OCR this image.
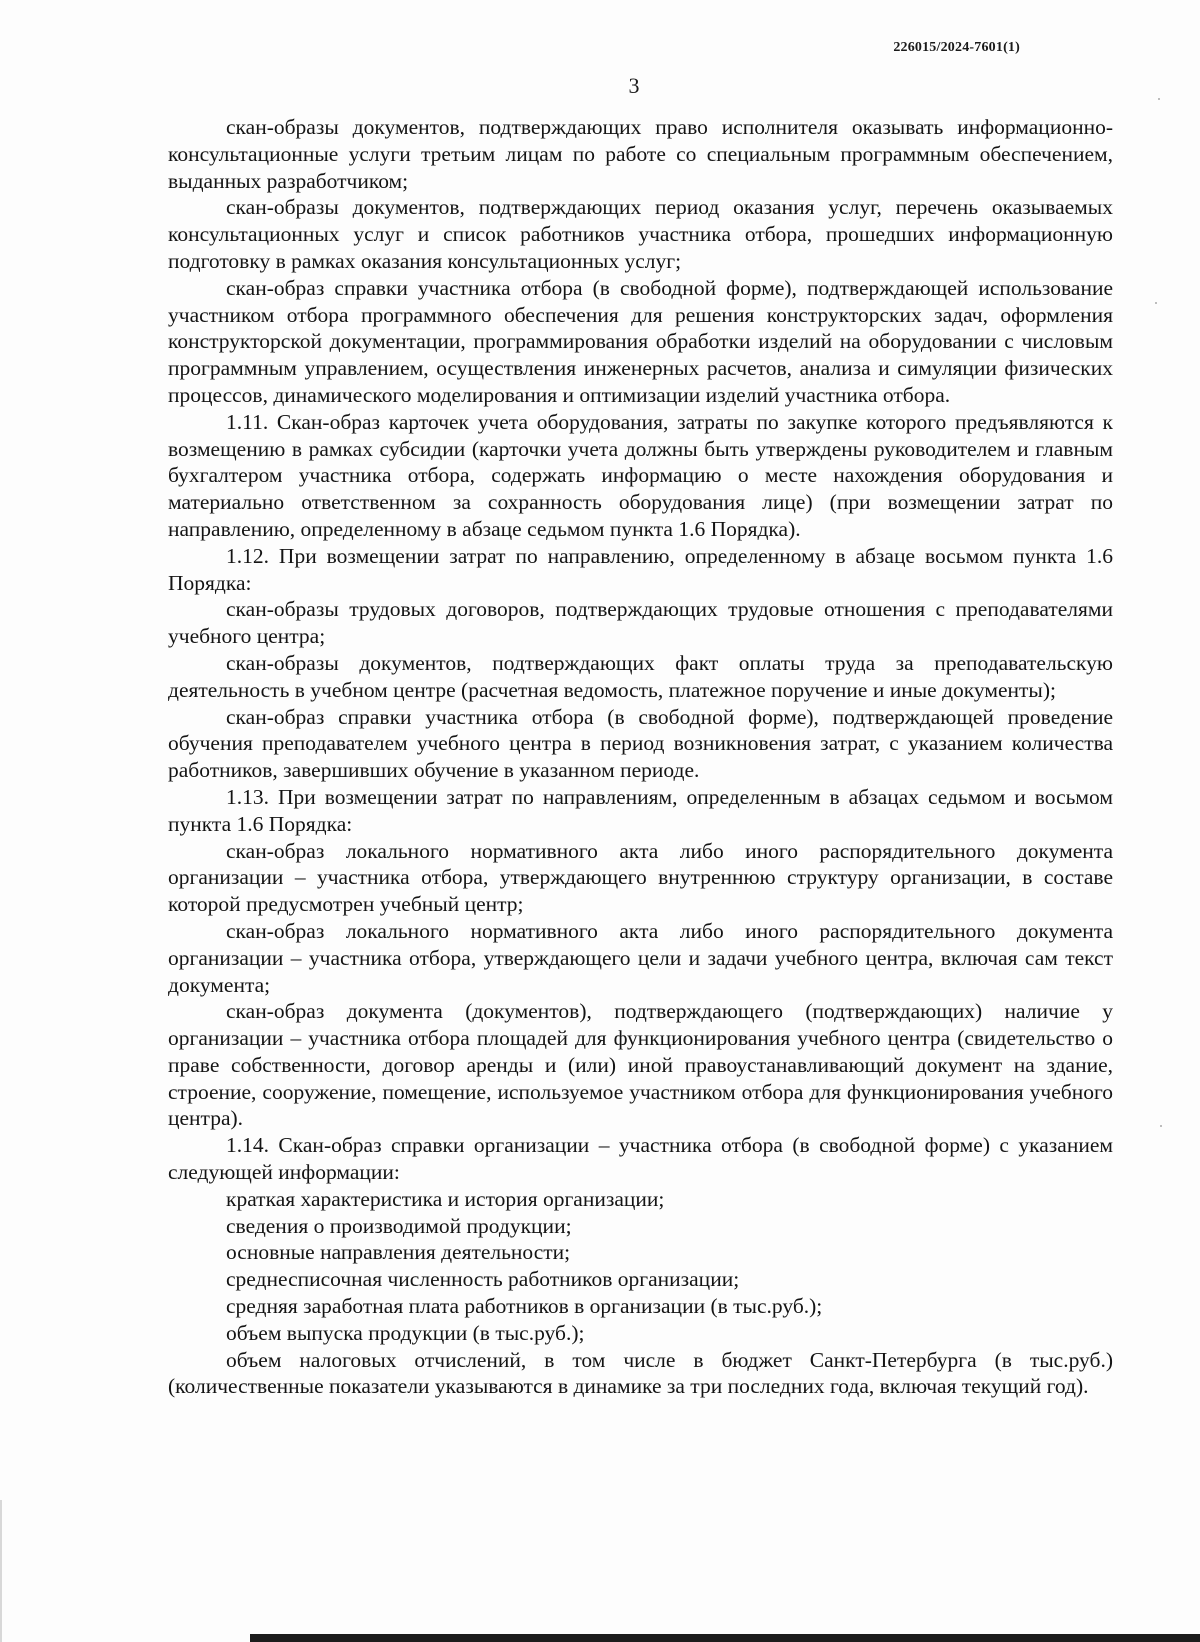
226015/2024-7601(1)
3

скан-образы документов, подтверждающих право исполнителя оказывать информационно-консультационные услуги третьим лицам по работе со специальным программным обеспечением, выданных разработчиком;

скан-образы документов, подтверждающих период оказания услуг, перечень оказываемых консультационных услуг и список работников участника отбора, прошедших информационную подготовку в рамках оказания консультационных услуг;

скан-образ справки участника отбора (в свободной форме), подтверждающей использование участником отбора программного обеспечения для решения конструкторских задач, оформления конструкторской документации, программирования обработки изделий на оборудовании с числовым программным управлением, осуществления инженерных расчетов, анализа и симуляции физических процессов, динамического моделирования и оптимизации изделий участника отбора.

1.11. Скан-образ карточек учета оборудования, затраты по закупке которого предъявляются к возмещению в рамках субсидии (карточки учета должны быть утверждены руководителем и главным бухгалтером участника отбора, содержать информацию о месте нахождения оборудования и материально ответственном за сохранность оборудования лице) (при возмещении затрат по направлению, определенному в абзаце седьмом пункта 1.6 Порядка).

1.12. При возмещении затрат по направлению, определенному в абзаце восьмом пункта 1.6 Порядка:

скан-образы трудовых договоров, подтверждающих трудовые отношения с преподавателями учебного центра;

скан-образы документов, подтверждающих факт оплаты труда за преподавательскую деятельность в учебном центре (расчетная ведомость, платежное поручение и иные документы);

скан-образ справки участника отбора (в свободной форме), подтверждающей проведение обучения преподавателем учебного центра в период возникновения затрат, с указанием количества работников, завершивших обучение в указанном периоде.

1.13. При возмещении затрат по направлениям, определенным в абзацах седьмом и восьмом пункта 1.6 Порядка:

скан-образ локального нормативного акта либо иного распорядительного документа организации – участника отбора, утверждающего внутреннюю структуру организации, в составе которой предусмотрен учебный центр;

скан-образ локального нормативного акта либо иного распорядительного документа организации – участника отбора, утверждающего цели и задачи учебного центра, включая сам текст документа;

скан-образ документа (документов), подтверждающего (подтверждающих) наличие у организации – участника отбора площадей для функционирования учебного центра (свидетельство о праве собственности, договор аренды и (или) иной правоустанавливающий документ на здание, строение, сооружение, помещение, используемое участником отбора для функционирования учебного центра).

1.14. Скан-образ справки организации – участника отбора (в свободной форме) с указанием следующей информации:

краткая характеристика и история организации;

сведения о производимой продукции;

основные направления деятельности;

среднесписочная численность работников организации;

средняя заработная плата работников в организации (в тыс.руб.);

объем выпуска продукции (в тыс.руб.);

объем налоговых отчислений, в том числе в бюджет Санкт-Петербурга (в тыс.руб.) (количественные показатели указываются в динамике за три последних года, включая текущий год).
